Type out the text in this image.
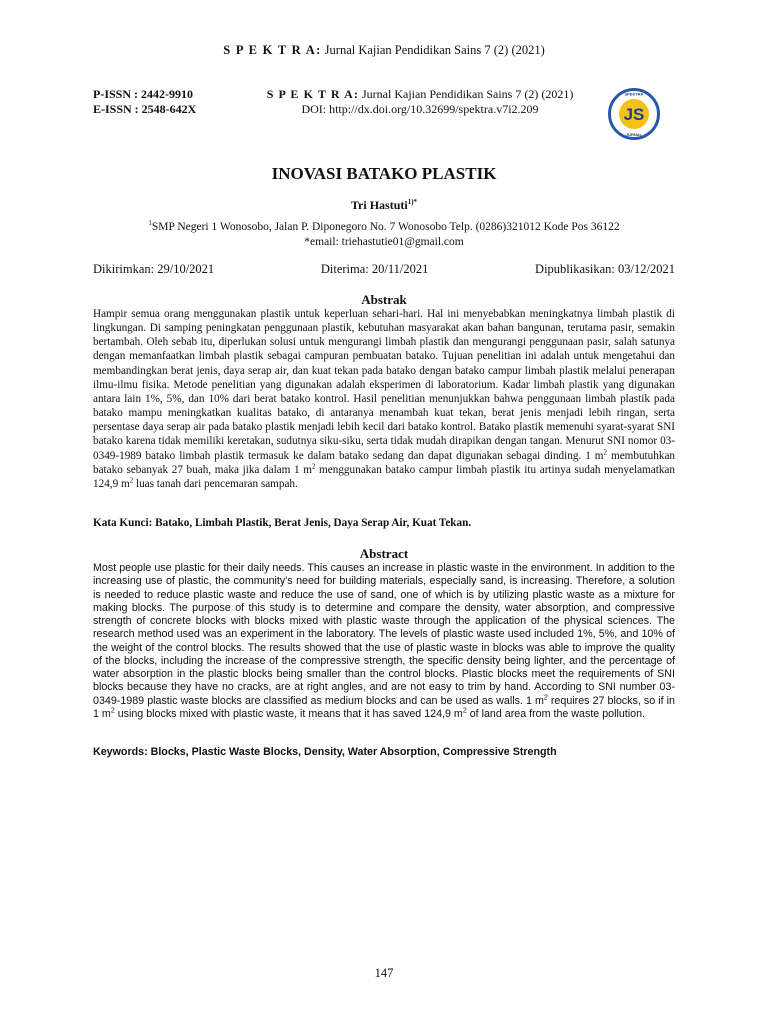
S P E K T R A: Jurnal Kajian Pendidikan Sains 7 (2) (2021)
P-ISSN : 2442-9910
E-ISSN : 2548-642X
S P E K T R A: Jurnal Kajian Pendidikan Sains 7 (2) (2021)
DOI: http://dx.doi.org/10.32699/spektra.v7i2.209
SPEKTRA
JURNAL
JS
INOVASI BATAKO PLASTIK
Tri Hastuti$^{1)*}$
$^1$SMP Negeri 1 Wonosobo, Jalan P. Diponegoro No. 7 Wonosobo Telp. (0286)321012 Kode Pos 36122
*email: triehastutie01@gmail.com
Dikirimkan: 29/10/2021	Diterima: 20/11/2021	Dipublikasikan: 03/12/2021
Abstrak
Hampir semua orang menggunakan plastik untuk keperluan sehari-hari. Hal ini menyebabkan meningkatnya limbah plastik di lingkungan. Di samping peningkatan penggunaan plastik, kebutuhan masyarakat akan bahan bangunan, terutama pasir, semakin bertambah. Oleh sebab itu, diperlukan solusi untuk mengurangi limbah plastik dan mengurangi penggunaan pasir, salah satunya dengan memanfaatkan limbah plastik sebagai campuran pembuatan batako. Tujuan penelitian ini adalah untuk mengetahui dan membandingkan berat jenis, daya serap air, dan kuat tekan pada batako dengan batako campur limbah plastik melalui penerapan ilmu-ilmu fisika. Metode penelitian yang digunakan adalah eksperimen di laboratorium. Kadar limbah plastik yang digunakan antara lain 1%, 5%, dan 10% dari berat batako kontrol. Hasil penelitian menunjukkan bahwa penggunaan limbah plastik pada batako mampu meningkatkan kualitas batako, di antaranya menambah kuat tekan, berat jenis menjadi lebih ringan, serta persentase daya serap air pada batako plastik menjadi lebih kecil dari batako kontrol. Batako plastik memenuhi syarat-syarat SNI batako karena tidak memiliki keretakan, sudutnya siku-siku, serta tidak mudah dirapikan dengan tangan. Menurut SNI nomor 03-0349-1989 batako limbah plastik termasuk ke dalam batako sedang dan dapat digunakan sebagai dinding. 1 $m^2$ membutuhkan batako sebanyak 27 buah, maka jika dalam 1 $m^2$ menggunakan batako campur limbah plastik itu artinya sudah menyelamatkan 124,9 $m^2$ luas tanah dari pencemaran sampah.
Kata Kunci: Batako, Limbah Plastik, Berat Jenis, Daya Serap Air, Kuat Tekan.
Abstract
Most people use plastic for their daily needs. This causes an increase in plastic waste in the environment. In addition to the increasing use of plastic, the community's need for building materials, especially sand, is increasing. Therefore, a solution is needed to reduce plastic waste and reduce the use of sand, one of which is by utilizing plastic waste as a mixture for making blocks. The purpose of this study is to determine and compare the density, water absorption, and compressive strength of concrete blocks with blocks mixed with plastic waste through the application of the physical sciences. The research method used was an experiment in the laboratory. The levels of plastic waste used included 1%, 5%, and 10% of the weight of the control blocks. The results showed that the use of plastic waste in blocks was able to improve the quality of the blocks, including the increase of the compressive strength, the specific density being lighter, and the percentage of water absorption in the plastic blocks being smaller than the control blocks. Plastic blocks meet the requirements of SNI blocks because they have no cracks, are at right angles, and are not easy to trim by hand. According to SNI number 03-0349-1989 plastic waste blocks are classified as medium blocks and can be used as walls. 1 $m^2$ requires 27 blocks, so if in 1 $m^2$ using blocks mixed with plastic waste, it means that it has saved 124,9 $m^2$ of land area from the waste pollution.
Keywords: Blocks, Plastic Waste Blocks, Density, Water Absorption, Compressive Strength
147
